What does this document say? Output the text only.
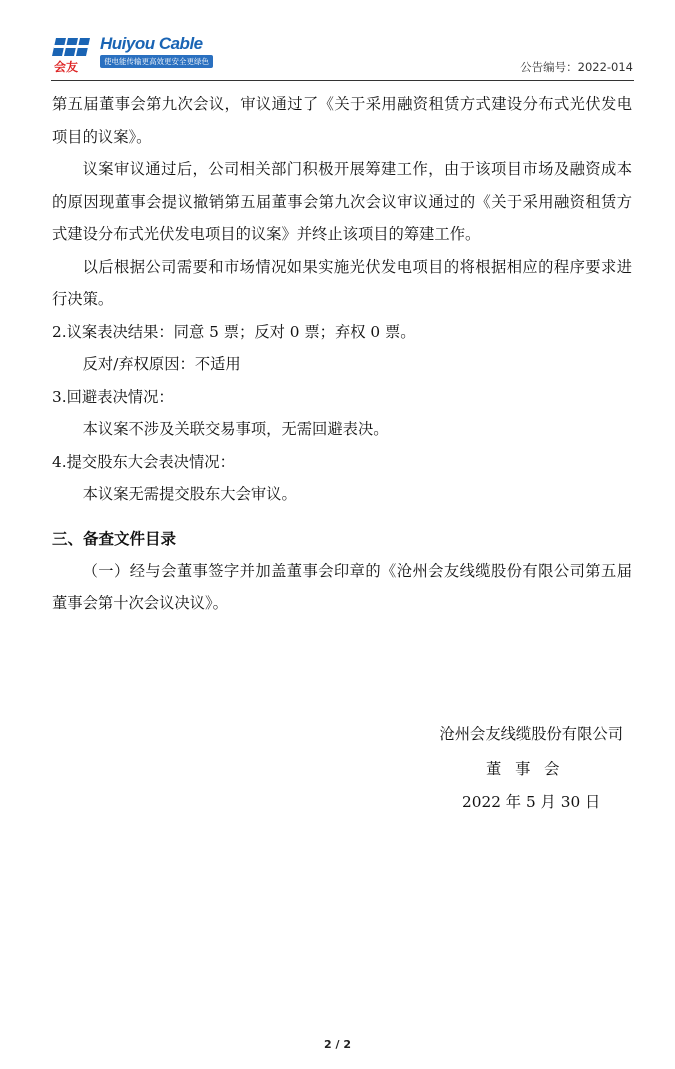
会友
Huiyou Cable
使电能传输更高效更安全更绿色	公告编号：2022-014

第五届董事会第九次会议，审议通过了《关于采用融资租赁方式建设分布式光伏发电项目的议案》。

议案审议通过后，公司相关部门积极开展筹建工作，由于该项目市场及融资成本的原因现董事会提议撤销第五届董事会第九次会议审议通过的《关于采用融资租赁方式建设分布式光伏发电项目的议案》并终止该项目的筹建工作。

以后根据公司需要和市场情况如果实施光伏发电项目的将根据相应的程序要求进行决策。

2.议案表决结果：同意 5 票；反对 0 票；弃权 0 票。

反对/弃权原因：不适用

3.回避表决情况：

本议案不涉及关联交易事项，无需回避表决。

4.提交股东大会表决情况：

本议案无需提交股东大会审议。

三、备查文件目录

（一）经与会董事签字并加盖董事会印章的《沧州会友线缆股份有限公司第五届董事会第十次会议决议》。

沧州会友线缆股份有限公司
董事会
2022 年 5 月 30 日
2 / 2
